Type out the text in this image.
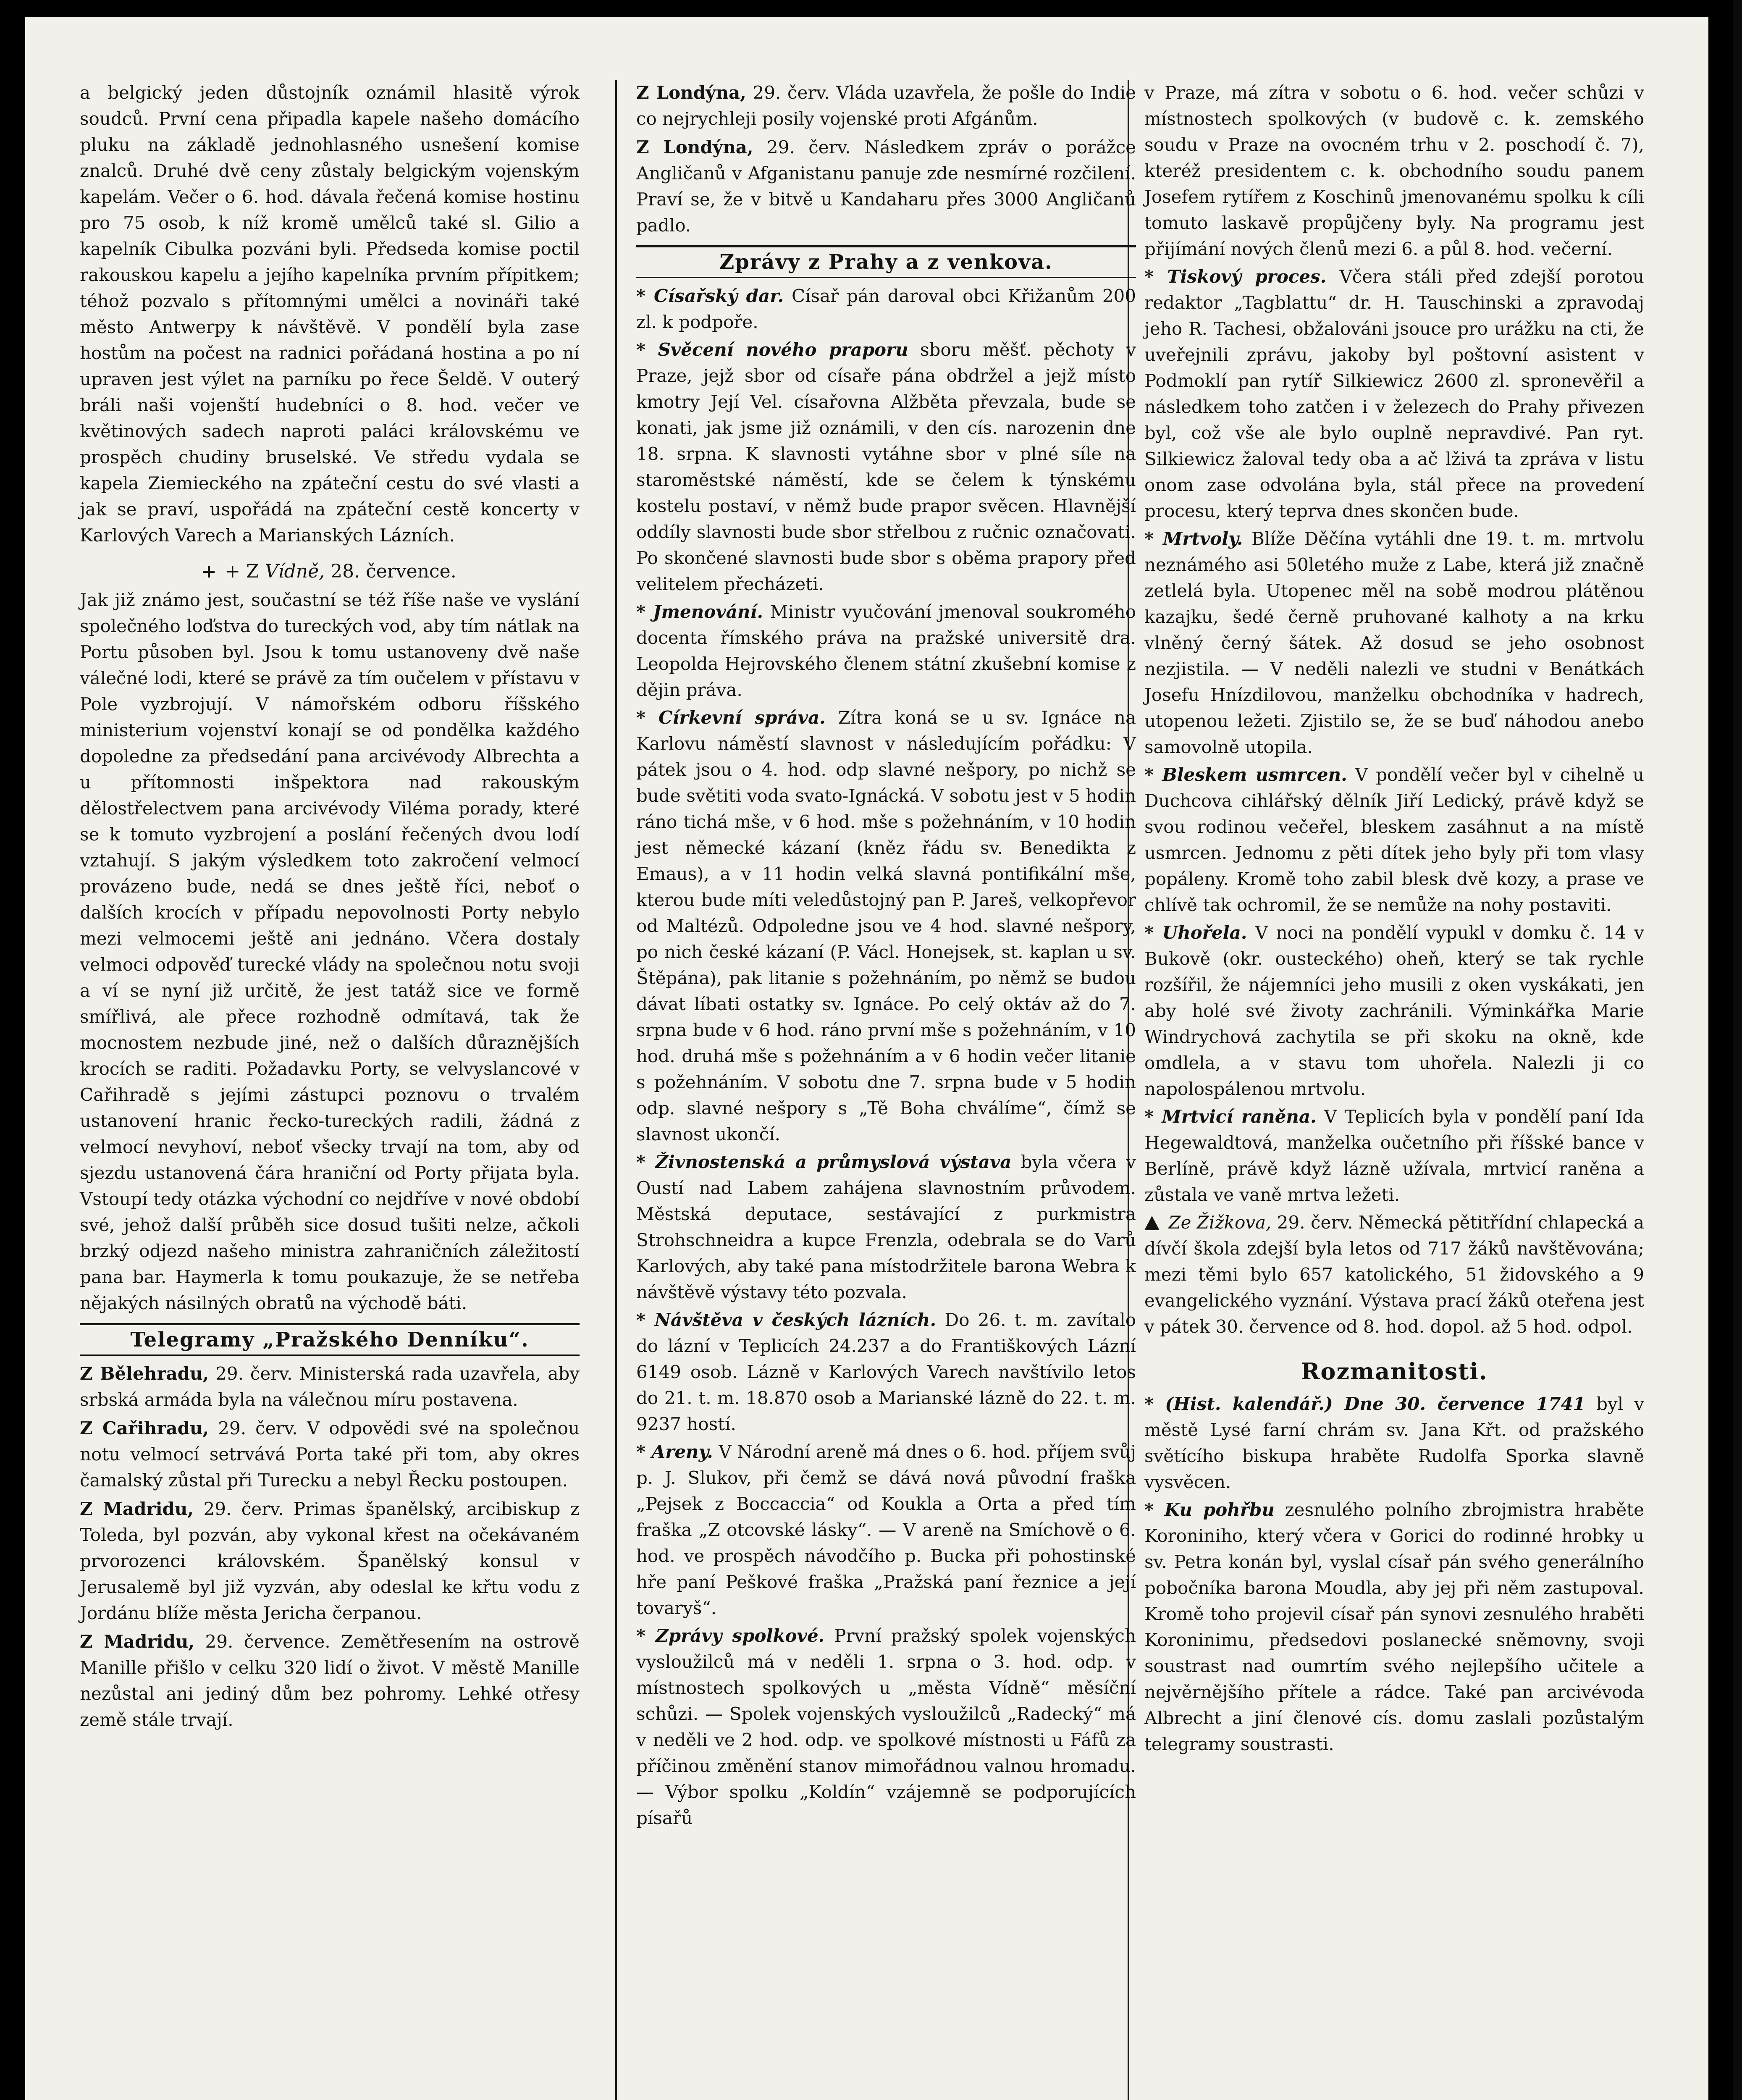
a belgický jeden důstojník oznámil hlasitě výrok soudců. První cena připadla kapele našeho domácího pluku na základě jednohlasného usnešení komise znalců. Druhé dvě ceny zůstaly belgickým vojenským kapelám. Večer o 6. hod. dávala řečená komise hostinu pro 75 osob, k níž kromě umělců také sl. Gilio a kapelník Cibulka pozváni byli. Předseda komise poctil rakouskou kapelu a jejího kapelníka prvním přípitkem; téhož pozvalo s přítomnými umělci a novináři také město Antwerpy k návštěvě. V pondělí byla zase hostům na počest na radnici pořádaná hostina a po ní upraven jest výlet na parníku po řece Šeldě. V outerý bráli naši vojenští hudebníci o 8. hod. večer ve květinových sadech naproti paláci královskému ve prospěch chudiny bruselské. Ve středu vydala se kapela Ziemieckého na zpáteční cestu do své vlasti a jak se praví, uspořádá na zpáteční cestě koncerty v Karlových Varech a Marianských Lázních.

+ Z Vídně, 28. července.

Jak již známo jest, součastní se též říše naše ve vyslání společného loďstva do tureckých vod, aby tím nátlak na Portu působen byl. Jsou k tomu ustanoveny dvě naše válečné lodi, které se právě za tím oučelem v přístavu v Pole vyzbrojují. V námořském odboru říšského ministerium vojenství konají se od pondělka každého dopoledne za předsedání pana arcivévody Albrechta a u přítomnosti inšpektora nad rakouským dělostřelectvem pana arcivévody Viléma porady, které se k tomuto vyzbrojení a poslání řečených dvou lodí vztahují. S jakým výsledkem toto zakročení velmocí provázeno bude, nedá se dnes ještě říci, neboť o dalších krocích v případu nepovolnosti Porty nebylo mezi velmocemi ještě ani jednáno. Včera dostaly velmoci odpověď turecké vlády na společnou notu svoji a ví se nyní již určitě, že jest tatáž sice ve formě smířlivá, ale přece rozhodně odmítavá, tak že mocnostem nezbude jiné, než o dalších důraznějších krocích se raditi. Požadavku Porty, se velvyslancové v Cařihradě s jejími zástupci poznovu o trvalém ustanovení hranic řecko-tureckých radili, žádná z velmocí nevyhoví, neboť všecky trvají na tom, aby od sjezdu ustanovená čára hraniční od Porty přijata byla. Vstoupí tedy otázka východní co nejdříve v nové období své, jehož další průběh sice dosud tušiti nelze, ačkoli brzký odjezd našeho ministra zahraničních záležitostí pana bar. Haymerla k tomu poukazuje, že se netřeba nějakých násilných obratů na východě báti.

Telegramy „Pražského Denníku“.
Z Bělehradu, 29. červ. Ministerská rada uzavřela, aby srbská armáda byla na válečnou míru postavena.
Z Cařihradu, 29. červ. V odpovědi své na společnou notu velmocí setrvává Porta také při tom, aby okres čamalský zůstal při Turecku a nebyl Řecku postoupen.
Z Madridu, 29. červ. Primas španělský, arcibiskup z Toleda, byl pozván, aby vykonal křest na očekávaném prvorozenci královském. Španělský konsul v Jerusalemě byl již vyzván, aby odeslal ke křtu vodu z Jordánu blíže města Jericha čerpanou.
Z Madridu, 29. července. Zemětřesením na ostrově Manille přišlo v celku 320 lidí o život. V městě Manille nezůstal ani jediný dům bez pohromy. Lehké otřesy země stále trvají.
Z Londýna, 29. červ. Vláda uzavřela, že pošle do Indie co nejrychleji posily vojenské proti Afgánům.
Z Londýna, 29. červ. Následkem zpráv o porážce Angličanů v Afganistanu panuje zde nesmírné rozčilení. Praví se, že v bitvě u Kandaharu přes 3000 Angličanů padlo.
Zprávy z Prahy a z venkova.
* Císařský dar. Císař pán daroval obci Křižanům 200 zl. k podpoře.
* Svěcení nového praporu sboru měšť. pěchoty v Praze, jejž sbor od císaře pána obdržel a jejž místo kmotry Její Vel. císařovna Alžběta převzala, bude se konati, jak jsme již oznámili, v den cís. narozenin dne 18. srpna. K slavnosti vytáhne sbor v plné síle na staroměstské náměstí, kde se čelem k týnskému kostelu postaví, v němž bude prapor svěcen. Hlavnější oddíly slavnosti bude sbor střelbou z ručnic označovati. Po skončené slavnosti bude sbor s oběma prapory před velitelem přecházeti.
* Jmenování. Ministr vyučování jmenoval soukromého docenta římského práva na pražské universitě dra. Leopolda Hejrovského členem státní zkušební komise z dějin práva.
* Církevní správa. Zítra koná se u sv. Ignáce na Karlovu náměstí slavnost v následujícím pořádku: V pátek jsou o 4. hod. odp slavné nešpory, po nichž se bude světiti voda svato-Ignácká. V sobotu jest v 5 hodin ráno tichá mše, v 6 hod. mše s požehnáním, v 10 hodin jest německé kázaní (kněz řádu sv. Benedikta z Emaus), a v 11 hodin velká slavná pontifikální mše, kterou bude míti veledůstojný pan P. Jareš, velkopřevor od Maltézů. Odpoledne jsou ve 4 hod. slavné nešpory, po nich české kázaní (P. Václ. Honejsek, st. kaplan u sv. Štěpána), pak litanie s požehnáním, po němž se budou dávat líbati ostatky sv. Ignáce. Po celý oktáv až do 7. srpna bude v 6 hod. ráno první mše s požehnáním, v 10 hod. druhá mše s požehnáním a v 6 hodin večer litanie s požehnáním. V sobotu dne 7. srpna bude v 5 hodin odp. slavné nešpory s „Tě Boha chválíme“, čímž se slavnost ukončí.
* Živnostenská a průmyslová výstava byla včera v Oustí nad Labem zahájena slavnostním průvodem. Městská deputace, sestávající z purkmistra Strohschneidra a kupce Frenzla, odebrala se do Varů Karlových, aby také pana místodržitele barona Webra k návštěvě výstavy této pozvala.
* Návštěva v českých lázních. Do 26. t. m. zavítalo do lázní v Teplicích 24.237 a do Františkových Lázní 6149 osob. Lázně v Karlových Varech navštívilo letos do 21. t. m. 18.870 osob a Marianské lázně do 22. t. m. 9237 hostí.
* Areny. V Národní areně má dnes o 6. hod. příjem svůj p. J. Slukov, při čemž se dává nová původní fraška „Pejsek z Boccaccia“ od Koukla a Orta a před tím fraška „Z otcovské lásky“. — V areně na Smíchově o 6. hod. ve prospěch návodčího p. Bucka při pohostinské hře paní Peškové fraška „Pražská paní řeznice a její tovaryš“.
* Zprávy spolkové. První pražský spolek vojenských vysloužilců má v neděli 1. srpna o 3. hod. odp. v místnostech spolkových u „města Vídně“ měsíční schůzi. — Spolek vojenských vysloužilců „Radecký“ má v neděli ve 2 hod. odp. ve spolkové místnosti u Fáfů za příčinou změnění stanov mimořádnou valnou hromadu. — Výbor spolku „Koldín“ vzájemně se podporujících písařů

v Praze, má zítra v sobotu o 6. hod. večer schůzi v místnostech spolkových (v budově c. k. zemského soudu v Praze na ovocném trhu v 2. poschodí č. 7), kteréž presidentem c. k. obchodního soudu panem Josefem rytířem z Koschinů jmenovanému spolku k cíli tomuto laskavě propůjčeny byly. Na programu jest přijímání nových členů mezi 6. a půl 8. hod. večerní.

* Tiskový proces. Včera stáli před zdejší porotou redaktor „Tagblattu“ dr. H. Tauschinski a zpravodaj jeho R. Tachesi, obžalováni jsouce pro urážku na cti, že uveřejnili zprávu, jakoby byl poštovní asistent v Podmoklí pan rytíř Silkiewicz 2600 zl. spronevěřil a následkem toho zatčen i v železech do Prahy přivezen byl, což vše ale bylo ouplně nepravdivé. Pan ryt. Silkiewicz žaloval tedy oba a ač lživá ta zpráva v listu onom zase odvolána byla, stál přece na provedení procesu, který teprva dnes skončen bude.
* Mrtvoly. Blíže Děčína vytáhli dne 19. t. m. mrtvolu neznámého asi 50letého muže z Labe, která již značně zetlelá byla. Utopenec měl na sobě modrou plátěnou kazajku, šedé černě pruhované kalhoty a na krku vlněný černý šátek. Až dosud se jeho osobnost nezjistila. — V neděli nalezli ve studni v Benátkách Josefu Hnízdilovou, manželku obchodníka v hadrech, utopenou ležeti. Zjistilo se, že se buď náhodou anebo samovolně utopila.
* Bleskem usmrcen. V pondělí večer byl v cihelně u Duchcova cihlářský dělník Jiří Ledický, právě když se svou rodinou večeřel, bleskem zasáhnut a na místě usmrcen. Jednomu z pěti dítek jeho byly při tom vlasy popáleny. Kromě toho zabil blesk dvě kozy, a prase ve chlívě tak ochromil, že se nemůže na nohy postaviti.
* Uhořela. V noci na pondělí vypukl v domku č. 14 v Bukově (okr. ousteckého) oheň, který se tak rychle rozšířil, že nájemníci jeho musili z oken vyskákati, jen aby holé své životy zachránili. Výminkářka Marie Windrychová zachytila se při skoku na okně, kde omdlela, a v stavu tom uhořela. Nalezli ji co napolospálenou mrtvolu.
* Mrtvicí raněna. V Teplicích byla v pondělí paní Ida Hegewaldtová, manželka oučetního při říšské bance v Berlíně, právě když lázně užívala, mrtvicí raněna a zůstala ve vaně mrtva ležeti.
Ze Žižkova, 29. červ. Německá pětitřídní chlapecká a dívčí škola zdejší byla letos od 717 žáků navštěvována; mezi těmi bylo 657 katolického, 51 židovského a 9 evangelického vyznání. Výstava prací žáků oteřena jest v pátek 30. července od 8. hod. dopol. až 5 hod. odpol.
Rozmanitosti.
* (Hist. kalendář.) Dne 30. července 1741 byl v městě Lysé farní chrám sv. Jana Křt. od pražského světícího biskupa hraběte Rudolfa Sporka slavně vysvěcen.
* Ku pohřbu zesnulého polního zbrojmistra hraběte Koroniniho, který včera v Gorici do rodinné hrobky u sv. Petra konán byl, vyslal císař pán svého generálního pobočníka barona Moudla, aby jej při něm zastupoval. Kromě toho projevil císař pán synovi zesnulého hraběti Koroninimu, předsedovi poslanecké sněmovny, svoji soustrast nad oumrtím svého nejlepšího učitele a nejvěrnějšího přítele a rádce. Také pan arcivévoda Albrecht a jiní členové cís. domu zaslali pozůstalým telegramy soustrasti.
